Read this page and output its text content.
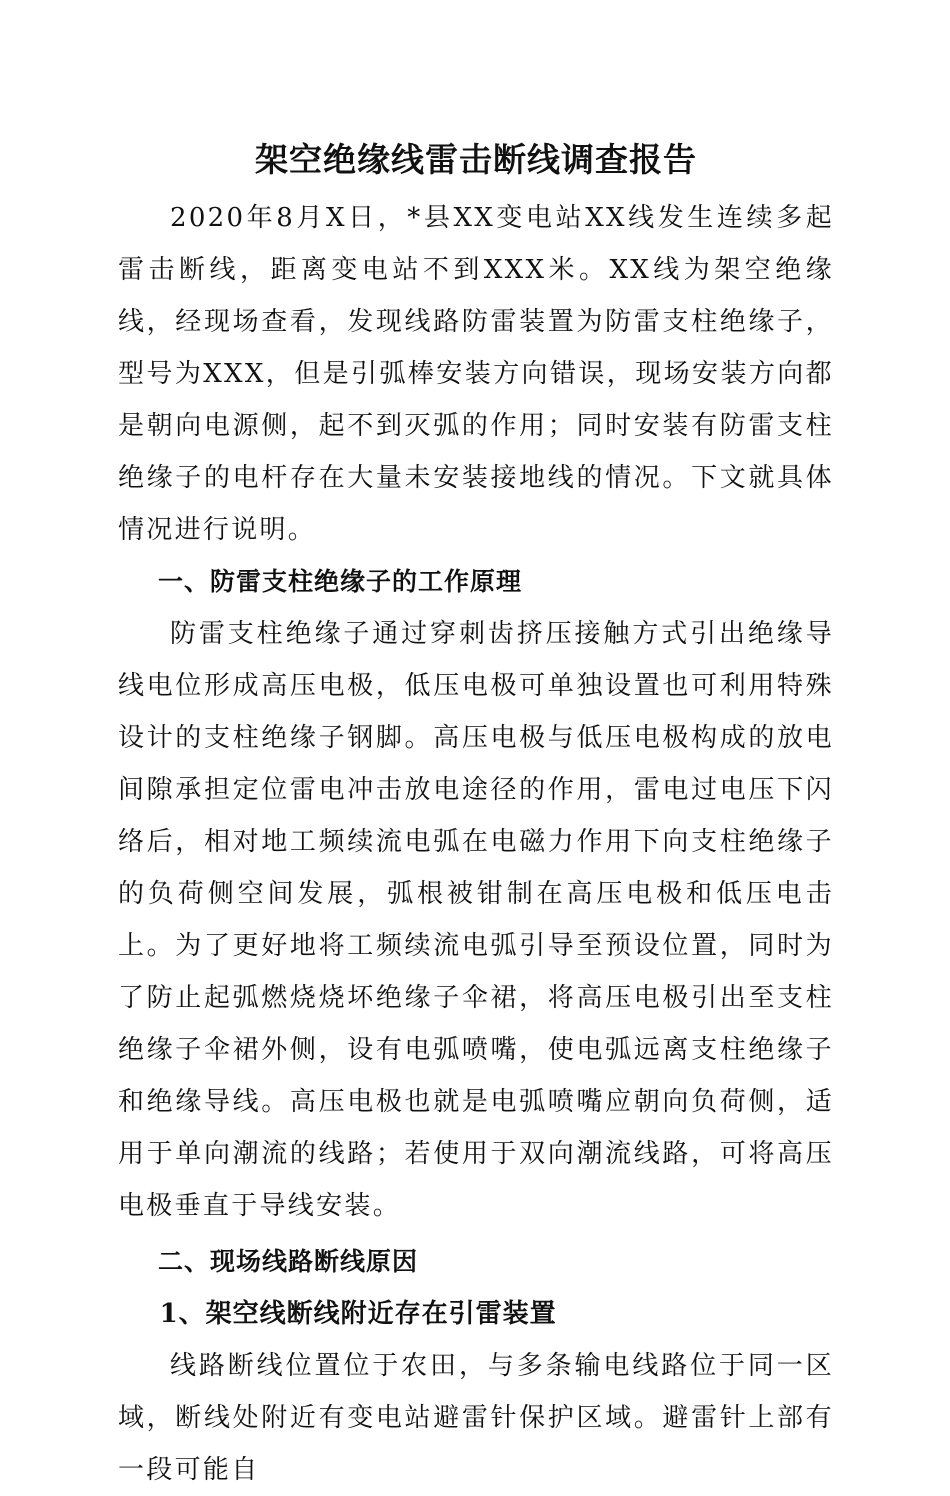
架空绝缘线雷击断线调查报告

2020年8月X日，*县XX变电站XX线发生连续多起雷击断线，距离变电站不到XXX米。XX线为架空绝缘线，经现场查看，发现线路防雷装置为防雷支柱绝缘子，型号为XXX，但是引弧棒安装方向错误，现场安装方向都是朝向电源侧，起不到灭弧的作用；同时安装有防雷支柱绝缘子的电杆存在大量未安装接地线的情况。下文就具体情况进行说明。

一、防雷支柱绝缘子的工作原理

防雷支柱绝缘子通过穿刺齿挤压接触方式引出绝缘导线电位形成高压电极，低压电极可单独设置也可利用特殊设计的支柱绝缘子钢脚。高压电极与低压电极构成的放电间隙承担定位雷电冲击放电途径的作用，雷电过电压下闪络后，相对地工频续流电弧在电磁力作用下向支柱绝缘子的负荷侧空间发展，弧根被钳制在高压电极和低压电击上。为了更好地将工频续流电弧引导至预设位置，同时为了防止起弧燃烧烧坏绝缘子伞裙，将高压电极引出至支柱绝缘子伞裙外侧，设有电弧喷嘴，使电弧远离支柱绝缘子和绝缘导线。高压电极也就是电弧喷嘴应朝向负荷侧，适用于单向潮流的线路；若使用于双向潮流线路，可将高压电极垂直于导线安装。

二、现场线路断线原因
1、架空线断线附近存在引雷装置

线路断线位置位于农田，与多条输电线路位于同一区域，断线处附近有变电站避雷针保护区域。避雷针上部有一段可能自
